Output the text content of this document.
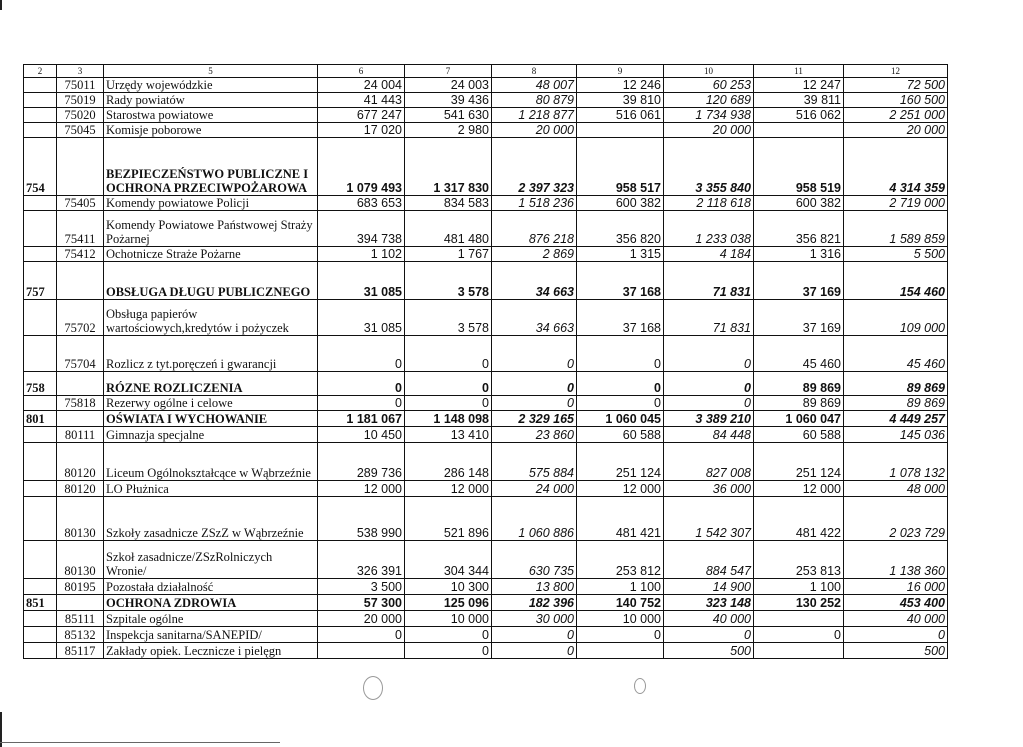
2	3	5	6	7	8	9	10	11	12
	75011	Urzędy wojewódzkie	24 004	24 003	48 007	12 246	60 253	12 247	72 500
	75019	Rady powiatów	41 443	39 436	80 879	39 810	120 689	39 811	160 500
	75020	Starostwa powiatowe	677 247	541 630	1 218 877	516 061	1 734 938	516 062	2 251 000
	75045	Komisje poborowe	17 020	2 980	20 000		20 000		20 000
754		BEZPIECZEŃSTWO PUBLICZNE I OCHRONA PRZECIWPOŻAROWA	1 079 493	1 317 830	2 397 323	958 517	3 355 840	958 519	4 314 359
	75405	Komendy powiatowe Policji	683 653	834 583	1 518 236	600 382	2 118 618	600 382	2 719 000
	75411	Komendy Powiatowe Państwowej Straży Pożarnej	394 738	481 480	876 218	356 820	1 233 038	356 821	1 589 859
	75412	Ochotnicze Straże Pożarne	1 102	1 767	2 869	1 315	4 184	1 316	5 500
757		OBSŁUGA DŁUGU PUBLICZNEGO	31 085	3 578	34 663	37 168	71 831	37 169	154 460
	75702	Obsługa papierów wartościowych,kredytów i pożyczek	31 085	3 578	34 663	37 168	71 831	37 169	109 000
	75704	Rozlicz z tyt.poręczeń i gwarancji	0	0	0	0	0	45 460	45 460
758		RÓZNE ROZLICZENIA	0	0	0	0	0	89 869	89 869
	75818	Rezerwy ogólne i celowe	0	0	0	0	0	89 869	89 869
801		OŚWIATA I WYCHOWANIE	1 181 067	1 148 098	2 329 165	1 060 045	3 389 210	1 060 047	4 449 257
	80111	Gimnazja specjalne	10 450	13 410	23 860	60 588	84 448	60 588	145 036
	80120	Liceum Ogólnokształcące w Wąbrzeźnie	289 736	286 148	575 884	251 124	827 008	251 124	1 078 132
	80120	LO Płużnica	12 000	12 000	24 000	12 000	36 000	12 000	48 000
	80130	Szkoły zasadnicze ZSzZ w Wąbrzeźnie	538 990	521 896	1 060 886	481 421	1 542 307	481 422	2 023 729
	80130	Szkoł zasadnicze/ZSzRolniczych Wronie/	326 391	304 344	630 735	253 812	884 547	253 813	1 138 360
	80195	Pozostała działalność	3 500	10 300	13 800	1 100	14 900	1 100	16 000
851		OCHRONA ZDROWIA	57 300	125 096	182 396	140 752	323 148	130 252	453 400
	85111	Szpitale ogólne	20 000	10 000	30 000	10 000	40 000		40 000
	85132	Inspekcja sanitarna/SANEPID/	0	0	0	0	0	0	0
	85117	Zakłady opiek. Lecznicze i pielęgn		0	0		500		500
